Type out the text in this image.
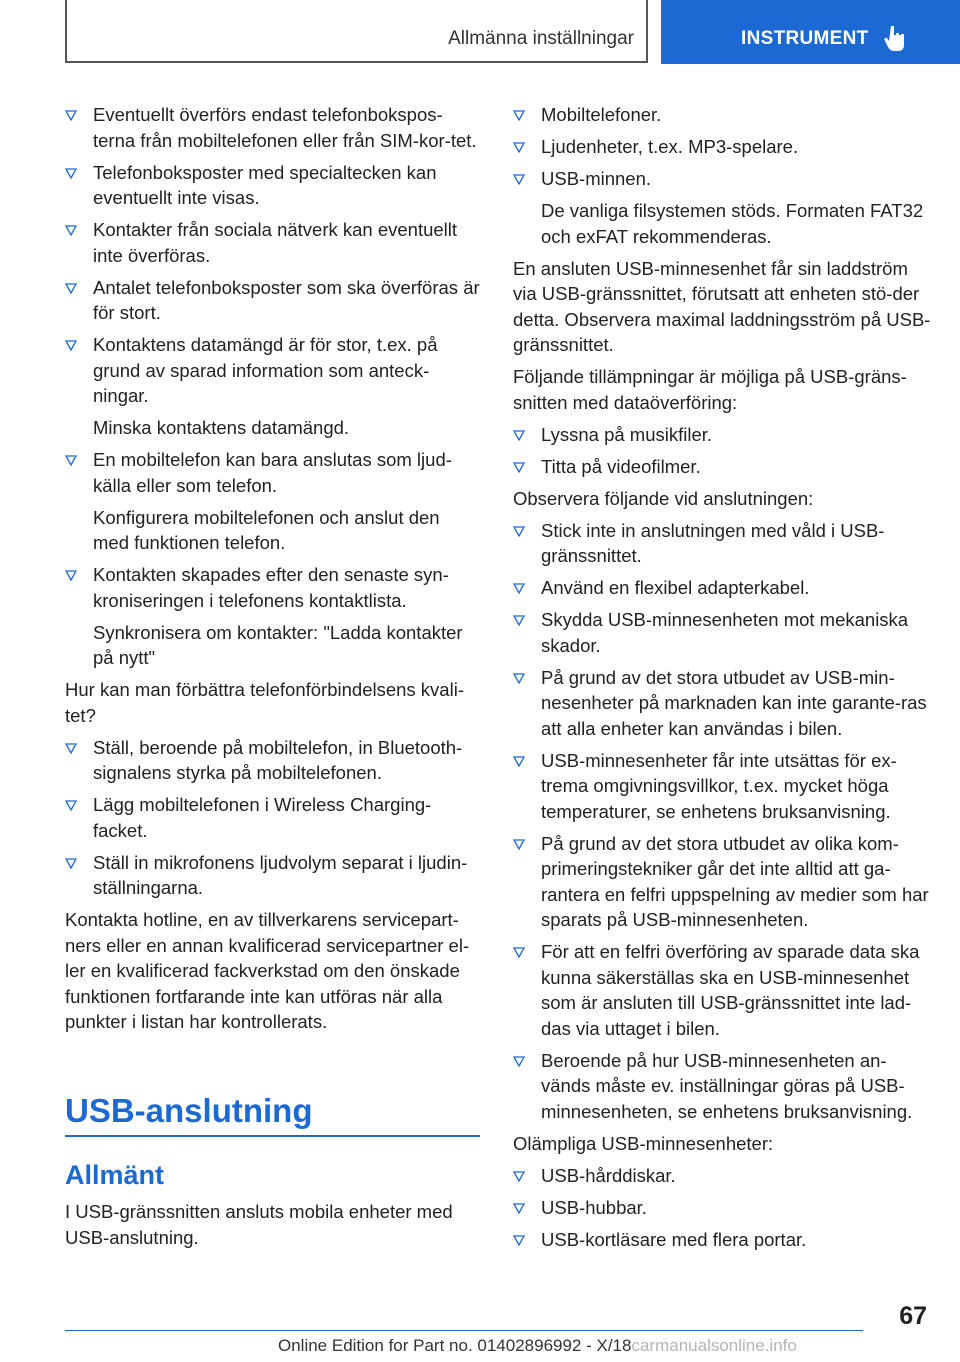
Allmänna inställningar	INSTRUMENT
Eventuellt överförs endast telefonbokspos-terna från mobiltelefonen eller från SIM-kor-tet.
Telefonboksposter med specialtecken kan eventuellt inte visas.
Kontakter från sociala nätverk kan eventuellt inte överföras.
Antalet telefonboksposter som ska överföras är för stort.
Kontaktens datamängd är för stor, t.ex. på grund av sparad information som anteck-ningar.
Minska kontaktens datamängd.
En mobiltelefon kan bara anslutas som ljud-källa eller som telefon.
Konfigurera mobiltelefonen och anslut den med funktionen telefon.
Kontakten skapades efter den senaste syn-kroniseringen i telefonens kontaktlista.
Synkronisera om kontakter: "Ladda kontakter på nytt"
Hur kan man förbättra telefonförbindelsens kvali-tet?
Ställ, beroende på mobiltelefon, in Bluetooth-signalens styrka på mobiltelefonen.
Lägg mobiltelefonen i Wireless Charging-facket.
Ställ in mikrofonens ljudvolym separat i ljudin-ställningarna.
Kontakta hotline, en av tillverkarens servicepart-ners eller en annan kvalificerad servicepartner el-ler en kvalificerad fackverkstad om den önskade funktionen fortfarande inte kan utföras när alla punkter i listan har kontrollerats.
USB-anslutning
Allmänt
I USB-gränssnitten ansluts mobila enheter med USB-anslutning.
Mobiltelefoner.
Ljudenheter, t.ex. MP3-spelare.
USB-minnen.
De vanliga filsystemen stöds. Formaten FAT32 och exFAT rekommenderas.
En ansluten USB-minnesenhet får sin laddström via USB-gränssnittet, förutsatt att enheten stö-der detta. Observera maximal laddningsström på USB-gränssnittet.
Följande tillämpningar är möjliga på USB-gräns-snitten med dataöverföring:
Lyssna på musikfiler.
Titta på videofilmer.
Observera följande vid anslutningen:
Stick inte in anslutningen med våld i USB-gränssnittet.
Använd en flexibel adapterkabel.
Skydda USB-minnesenheten mot mekaniska skador.
På grund av det stora utbudet av USB-min-nesenheter på marknaden kan inte garante-ras att alla enheter kan användas i bilen.
USB-minnesenheter får inte utsättas för ex-trema omgivningsvillkor, t.ex. mycket höga temperaturer, se enhetens bruksanvisning.
På grund av det stora utbudet av olika kom-primeringstekniker går det inte alltid att ga-rantera en felfri uppspelning av medier som har sparats på USB-minnesenheten.
För att en felfri överföring av sparade data ska kunna säkerställas ska en USB-minnesenhet som är ansluten till USB-gränssnittet inte lad-das via uttaget i bilen.
Beroende på hur USB-minnesenheten an-vänds måste ev. inställningar göras på USB-minnesenheten, se enhetens bruksanvisning.
Olämpliga USB-minnesenheter:
USB-hårddiskar.
USB-hubbar.
USB-kortläsare med flera portar.
67
Online Edition for Part no. 01402896992 - X/18carmanualsonline.info
